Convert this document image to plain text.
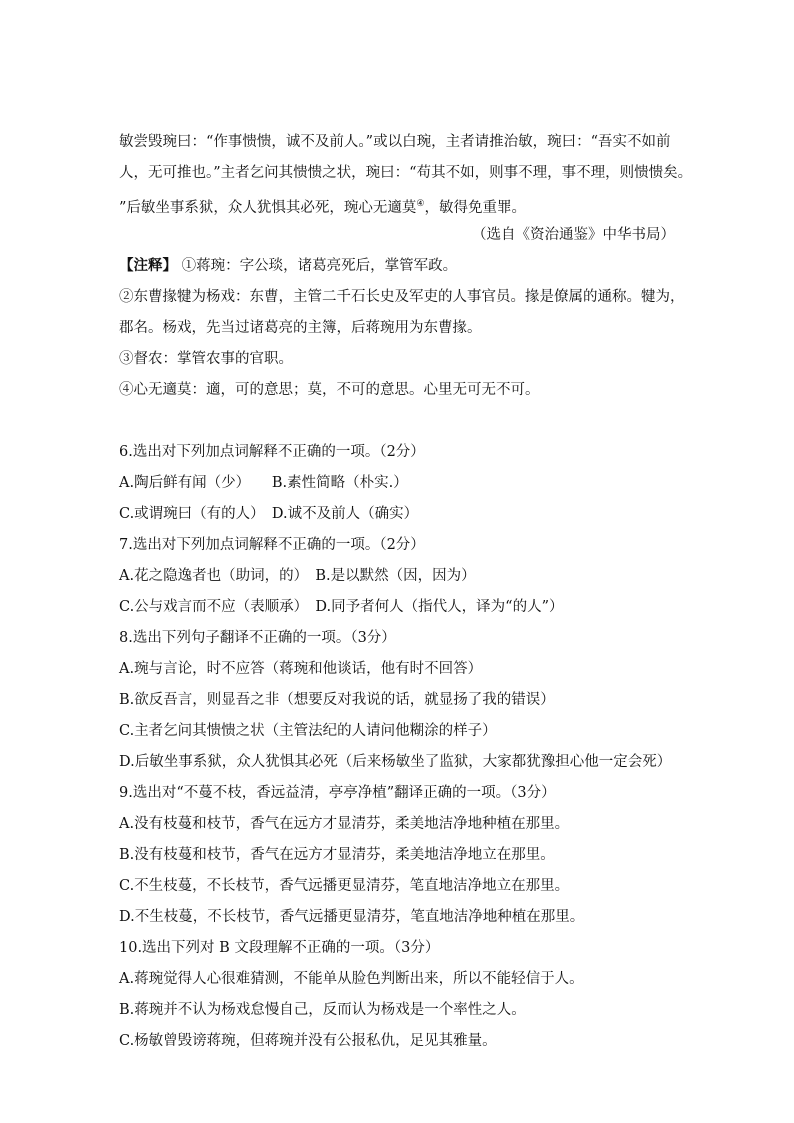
敏尝毁琬曰：“作事愦愦，诚不及前人。”或以白琬，主者请推治敏，琬曰：“吾实不如前
人，无可推也。”主者乞问其愦愦之状，琬曰：“苟其不如，则事不理，事不理，则愦愦矣。
”后敏坐事系狱，众人犹惧其必死，琬心无適莫④，敏得免重罪。
（选自《资治通鉴》中华书局）
【注释】 ①蒋琬：字公琰，诸葛亮死后，掌管军政。
②东曹掾犍为杨戏：东曹，主管二千石长史及军吏的人事官员。掾是僚属的通称。犍为，
郡名。杨戏，先当过诸葛亮的主簿，后蒋琬用为东曹掾。
③督农：掌管农事的官职。
④心无適莫：適，可的意思；莫，不可的意思。心里无可无不可。
6.选出对下列加点词解释不正确的一项。（2分）
A.陶后鲜有闻（少）　　B.素性简略（朴实.）
C.或谓琬曰（有的人）　D.诚不及前人（确实）
7.选出对下列加点词解释不正确的一项。（2分）
A.花之隐逸者也（助词，的）　B.是以默然（因，因为）
C.公与戏言而不应（表顺承）　D.同予者何人（指代人，译为“的人”）
8.选出下列句子翻译不正确的一项。（3分）
A.琬与言论，时不应答（蒋琬和他谈话，他有时不回答）
B.欲反吾言，则显吾之非（想要反对我说的话，就显扬了我的错误）
C.主者乞问其愦愦之状（主管法纪的人请问他糊涂的样子）
D.后敏坐事系狱，众人犹惧其必死（后来杨敏坐了监狱，大家都犹豫担心他一定会死）
9.选出对“不蔓不枝，香远益清，亭亭净植”翻译正确的一项。（3分）
A.没有枝蔓和枝节，香气在远方才显清芬，柔美地洁净地种植在那里。
B.没有枝蔓和枝节，香气在远方才显清芬，柔美地洁净地立在那里。
C.不生枝蔓，不长枝节，香气远播更显清芬，笔直地洁净地立在那里。
D.不生枝蔓，不长枝节，香气远播更显清芬，笔直地洁净地种植在那里。
10.选出下列对 B 文段理解不正确的一项。（3分）
A.蒋琬觉得人心很难猜测，不能单从脸色判断出来，所以不能轻信于人。
B.蒋琬并不认为杨戏怠慢自己，反而认为杨戏是一个率性之人。
C.杨敏曾毁谤蒋琬，但蒋琬并没有公报私仇，足见其雅量。
